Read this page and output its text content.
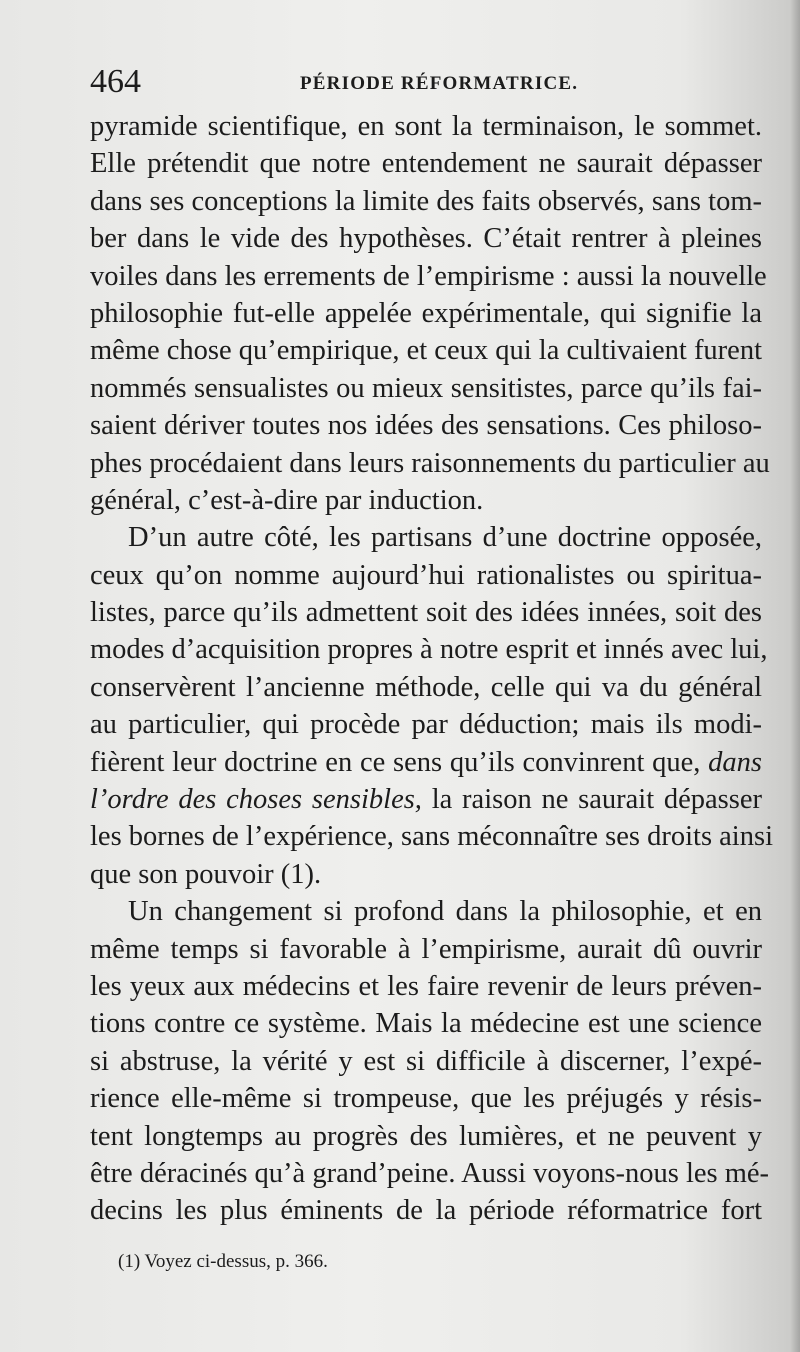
464	PÉRIODE RÉFORMATRICE.
pyramide scientifique, en sont la terminaison, le sommet.
Elle prétendit que notre entendement ne saurait dépasser
dans ses conceptions la limite des faits observés, sans tom-
ber dans le vide des hypothèses. C’était rentrer à pleines
voiles dans les errements de l’empirisme : aussi la nouvelle
philosophie fut-elle appelée expérimentale, qui signifie la
même chose qu’empirique, et ceux qui la cultivaient furent
nommés sensualistes ou mieux sensitistes, parce qu’ils fai-
saient dériver toutes nos idées des sensations. Ces philoso-
phes procédaient dans leurs raisonnements du particulier au
général, c’est-à-dire par induction.
D’un autre côté, les partisans d’une doctrine opposée,
ceux qu’on nomme aujourd’hui rationalistes ou spiritua-
listes, parce qu’ils admettent soit des idées innées, soit des
modes d’acquisition propres à notre esprit et innés avec lui,
conservèrent l’ancienne méthode, celle qui va du général
au particulier, qui procède par déduction; mais ils modi-
fièrent leur doctrine en ce sens qu’ils convinrent que, dans
l’ordre des choses sensibles, la raison ne saurait dépasser
les bornes de l’expérience, sans méconnaître ses droits ainsi
que son pouvoir (1).
Un changement si profond dans la philosophie, et en
même temps si favorable à l’empirisme, aurait dû ouvrir
les yeux aux médecins et les faire revenir de leurs préven-
tions contre ce système. Mais la médecine est une science
si abstruse, la vérité y est si difficile à discerner, l’expé-
rience elle-même si trompeuse, que les préjugés y résis-
tent longtemps au progrès des lumières, et ne peuvent y
être déracinés qu’à grand’peine. Aussi voyons-nous les mé-
decins les plus éminents de la période réformatrice fort
(1) Voyez ci-dessus, p. 366.
